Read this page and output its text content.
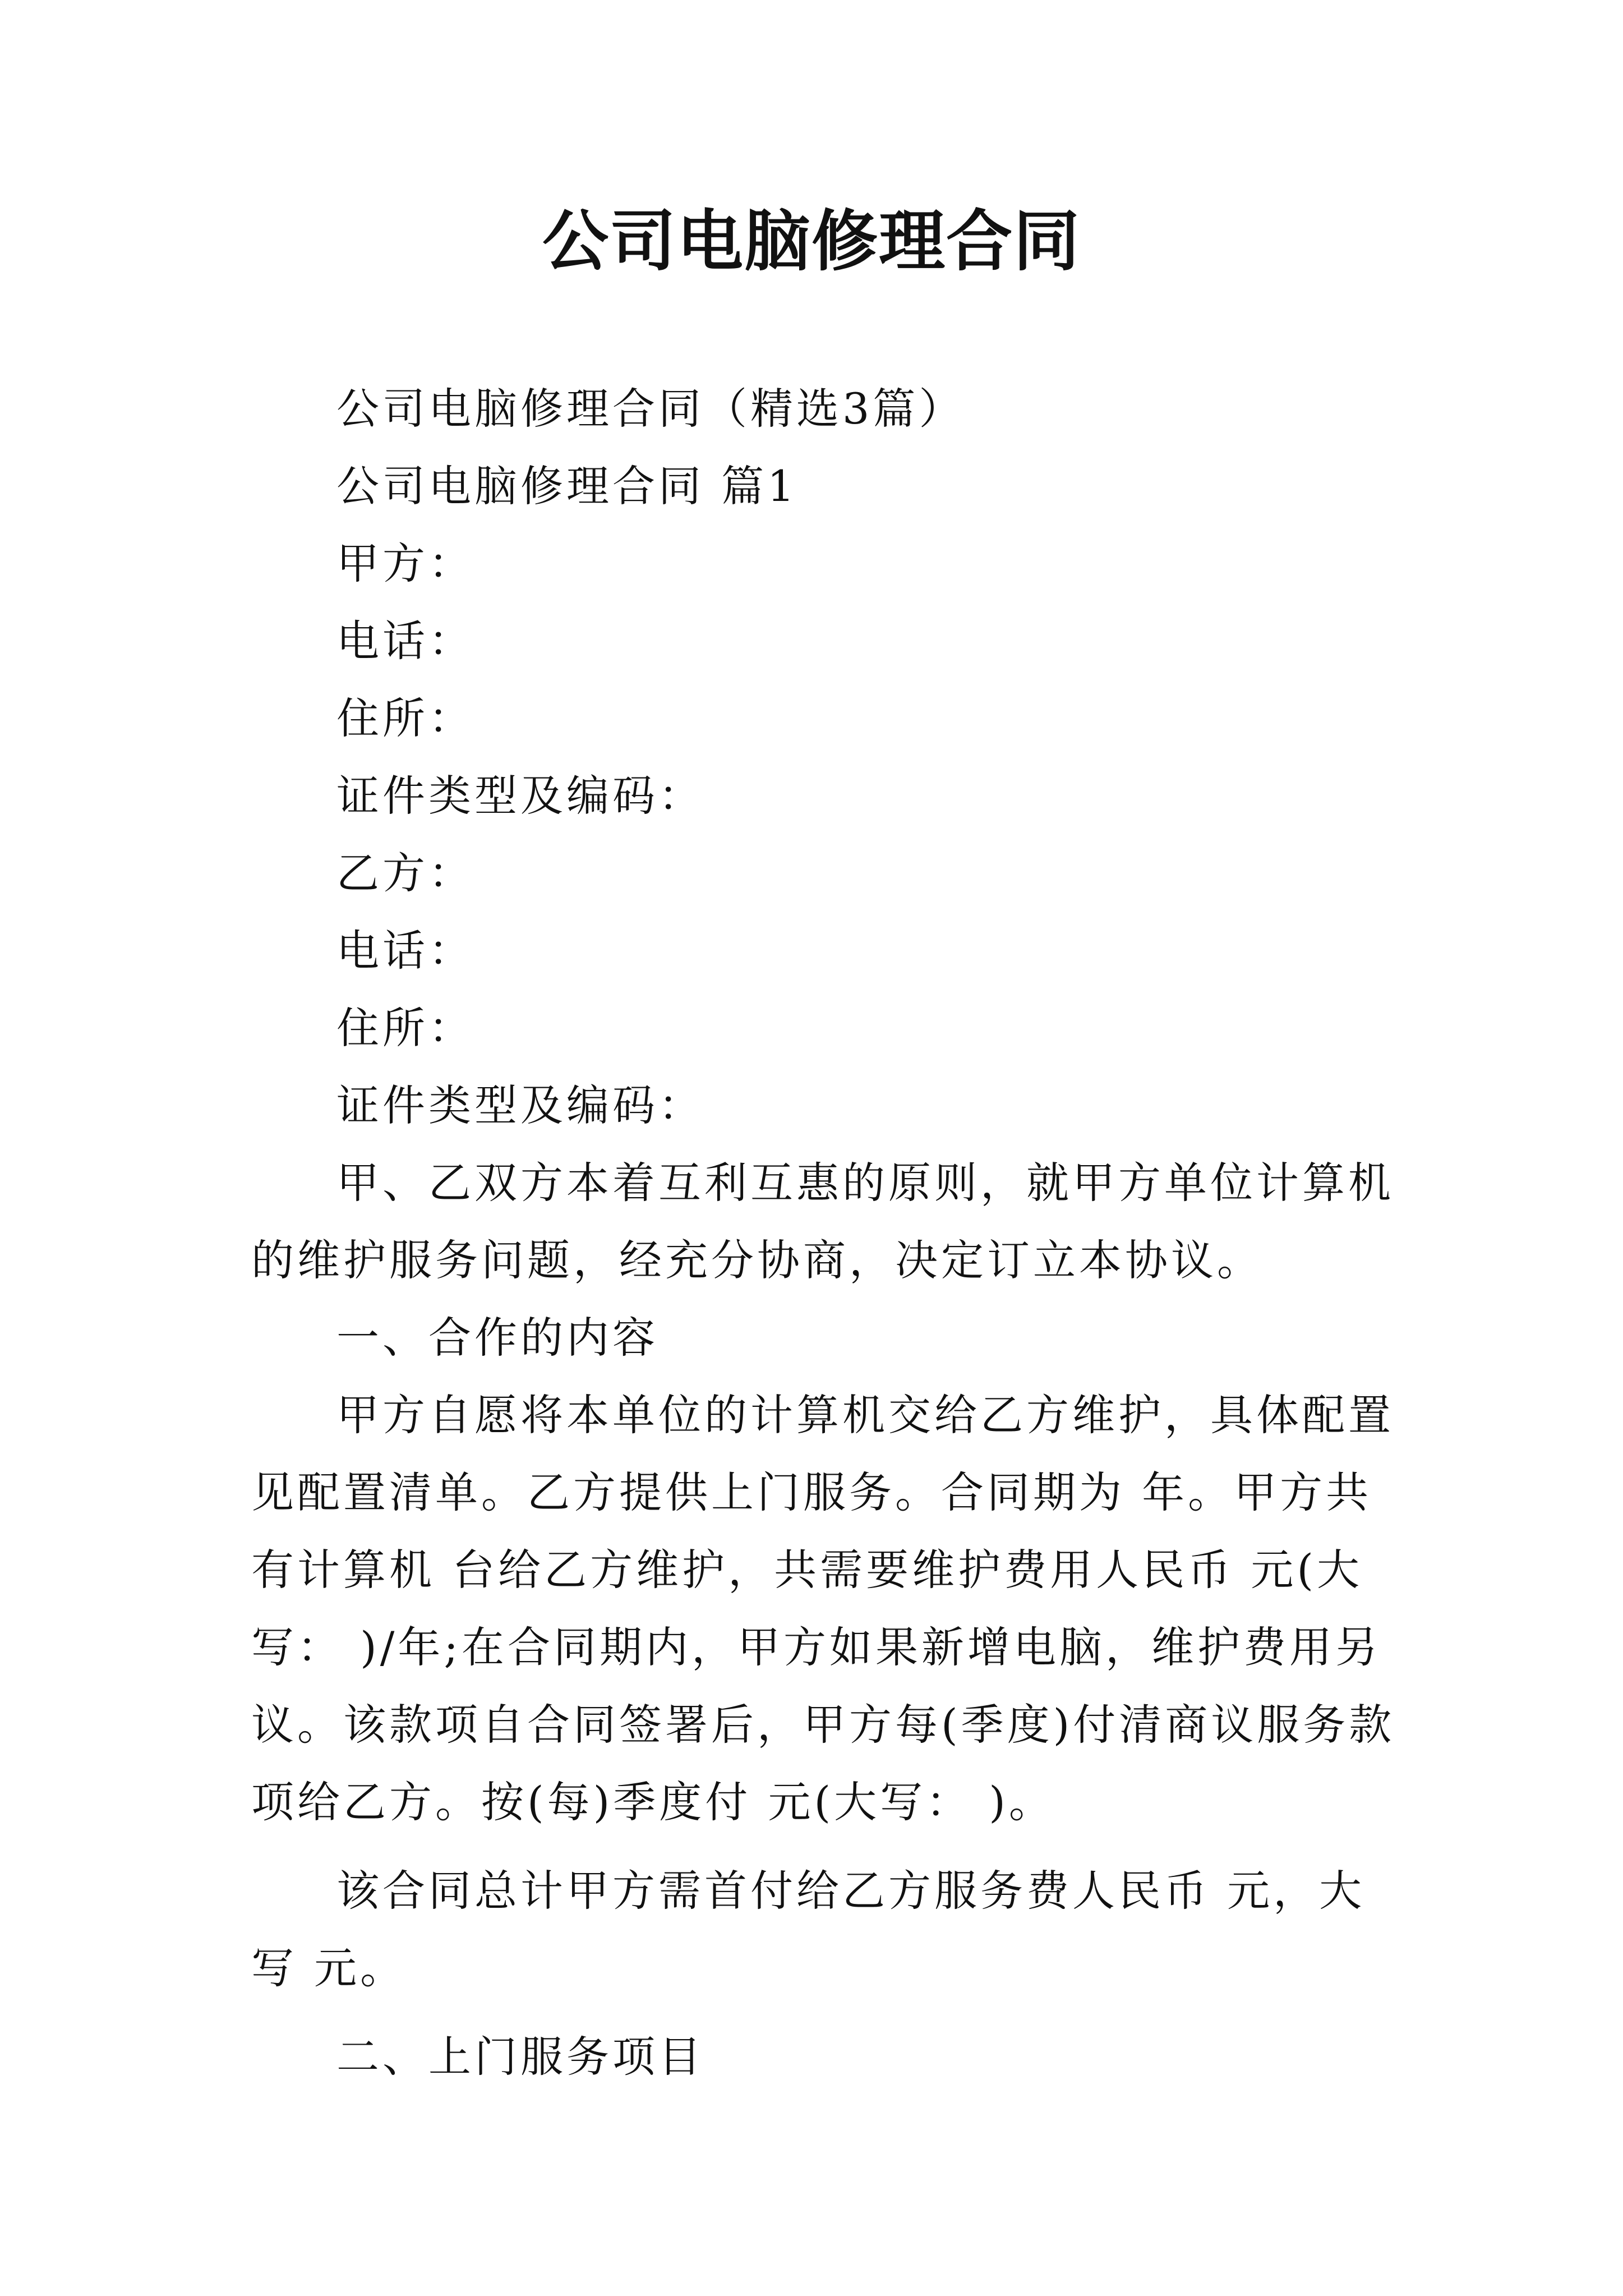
公司电脑修理合同

公司电脑修理合同（精选3篇）

公司电脑修理合同 篇1

甲方：

电话：

住所：

证件类型及编码：

乙方：

电话：

住所：

证件类型及编码：

甲、乙双方本着互利互惠的原则，就甲方单位计算机的维护服务问题，经充分协商，决定订立本协议。

一、合作的内容

甲方自愿将本单位的计算机交给乙方维护，具体配置见配置清单。乙方提供上门服务。合同期为 年。甲方共有计算机 台给乙方维护，共需要维护费用人民币 元(大写： )/年;在合同期内，甲方如果新增电脑，维护费用另议。该款项自合同签署后，甲方每(季度)付清商议服务款项给乙方。按(每)季度付 元(大写： )。

该合同总计甲方需首付给乙方服务费人民币 元，大写 元。

二、上门服务项目
